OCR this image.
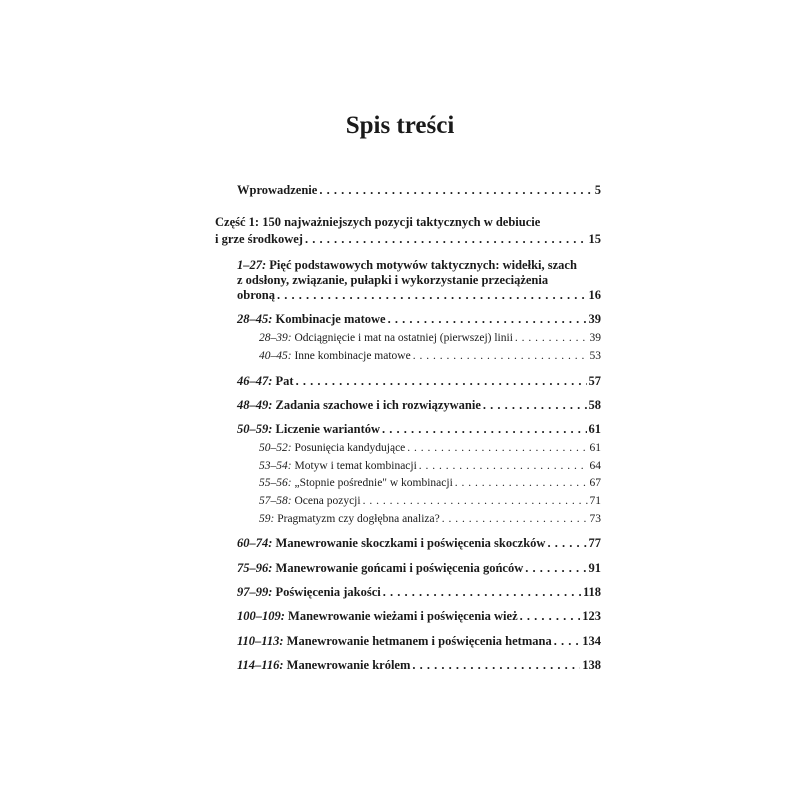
Spis treści
Wprowadzenie . . .	5
Część 1: 150 najważniejszych pozycji taktycznych w debiucie
i grze środkowej . . .	15
1–27: Pięć podstawowych motywów taktycznych: widełki, szach
z odsłony, związanie, pułapki i wykorzystanie przeciążenia
obroną . . .	16
28–45: Kombinacje matowe . . .	39
28–39: Odciągnięcie i mat na ostatniej (pierwszej) linii . . .	39
40–45: Inne kombinacje matowe . . .	53
46–47: Pat . . .	57
48–49: Zadania szachowe i ich rozwiązywanie . . .	58
50–59: Liczenie wariantów . . .	61
50–52: Posunięcia kandydujące . . .	61
53–54: Motyw i temat kombinacji . . .	64
55–56: „Stopnie pośrednie" w kombinacji . . .	67
57–58: Ocena pozycji . . .	71
59: Pragmatyzm czy dogłębna analiza? . . .	73
60–74: Manewrowanie skoczkami i poświęcenia skoczków . . .	77
75–96: Manewrowanie gońcami i poświęcenia gońców . . .	91
97–99: Poświęcenia jakości . . .	118
100–109: Manewrowanie wieżami i poświęcenia wież . . .	123
110–113: Manewrowanie hetmanem i poświęcenia hetmana . . . 134
114–116: Manewrowanie królem . . .	138
